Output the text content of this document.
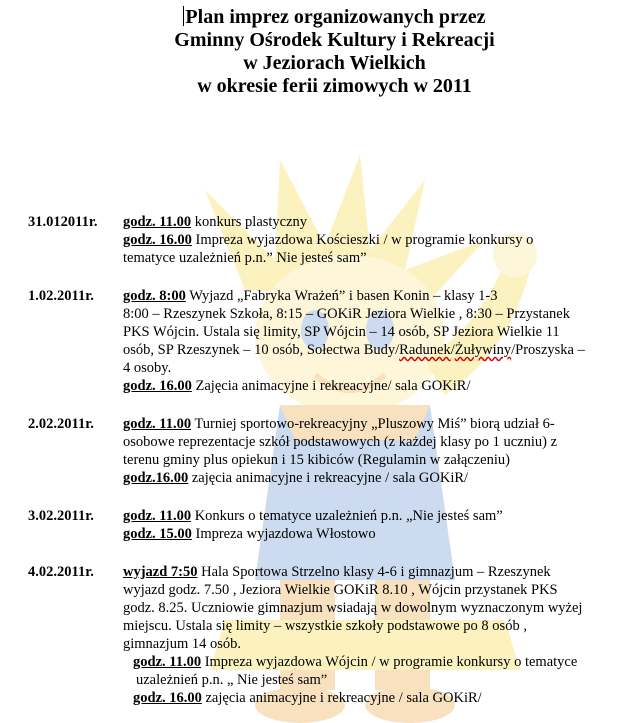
Plan imprez organizowanych przez
Gminny Ośrodek Kultury i Rekreacji
w Jeziorach Wielkich
w okresie ferii zimowych w 2011
31.012011r. godz. 11.00 konkurs plastyczny
godz. 16.00 Impreza wyjazdowa Kościeszki / w programie konkursy o
tematyce uzależnień p.n.” Nie jesteś sam”
1.02.2011r. godz. 8:00 Wyjazd „Fabryka Wrażeń” i basen Konin – klasy 1-3
8:00 – Rzeszynek Szkoła, 8:15 – GOKiR Jeziora Wielkie , 8:30 – Przystanek
PKS Wójcin. Ustala się limity, SP Wójcin – 14 osób, SP Jeziora Wielkie 11
osób, SP Rzeszynek – 10 osób, Sołectwa Budy/Radunek/Żuływiny/Proszyska –
4 osoby.
godz. 16.00 Zajęcia animacyjne i rekreacyjne/ sala GOKiR/
2.02.2011r. godz. 11.00 Turniej sportowo-rekreacyjny „Pluszowy Miś” biorą udział 6-
osobowe reprezentacje szkół podstawowych (z każdej klasy po 1 uczniu) z
terenu gminy plus opiekun i 15 kibiców (Regulamin w załączeniu)
godz.16.00 zajęcia animacyjne i rekreacyjne / sala GOKiR/
3.02.2011r. godz. 11.00 Konkurs o tematyce uzależnień p.n. „Nie jesteś sam”
godz. 15.00 Impreza wyjazdowa Włostowo
4.02.2011r. wyjazd 7:50 Hala Sportowa Strzelno klasy 4-6 i gimnazjum – Rzeszynek
wyjazd godz. 7.50 , Jeziora Wielkie GOKiR 8.10 , Wójcin przystanek PKS
godz. 8.25. Uczniowie gimnazjum wsiadają w dowolnym wyznaczonym wyżej
miejscu. Ustala się limity – wszystkie szkoły podstawowe po 8 osób ,
gimnazjum 14 osób.
godz. 11.00 Impreza wyjazdowa Wójcin / w programie konkursy o tematyce
uzależnień p.n. „ Nie jesteś sam”
godz. 16.00 zajęcia animacyjne i rekreacyjne / sala GOKiR/
